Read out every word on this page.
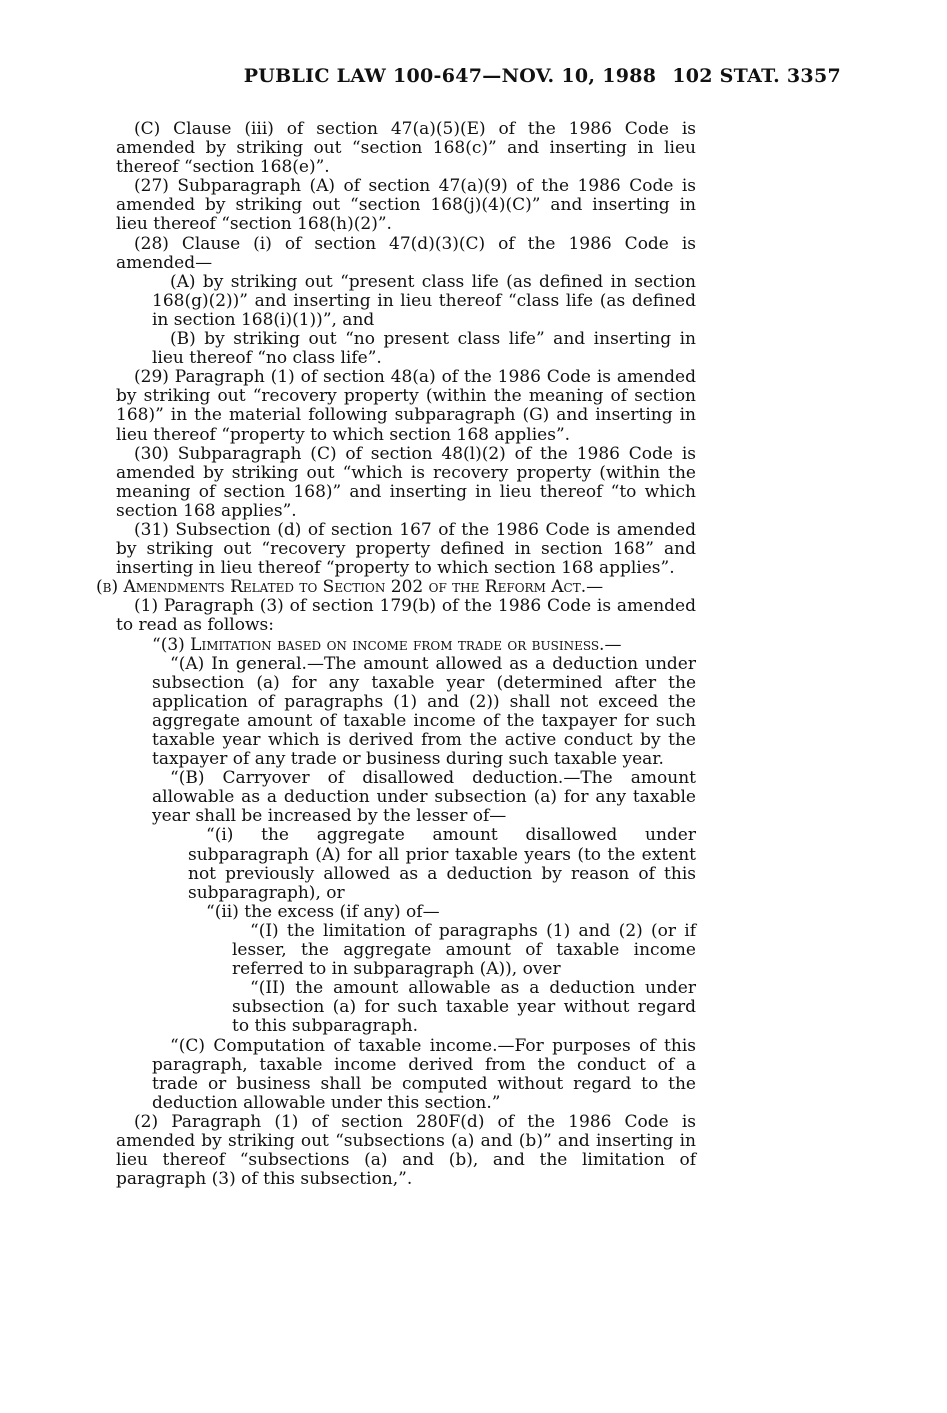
PUBLIC LAW 100-647—NOV. 10, 1988 102 STAT. 3357

(C) Clause (iii) of section 47(a)(5)(E) of the 1986 Code is amended by striking out “section 168(c)” and inserting in lieu thereof “section 168(e)”.

(27) Subparagraph (A) of section 47(a)(9) of the 1986 Code is amended by striking out “section 168(j)(4)(C)” and inserting in lieu thereof “section 168(h)(2)”.

(28) Clause (i) of section 47(d)(3)(C) of the 1986 Code is amended—

(A) by striking out “present class life (as defined in section 168(g)(2))” and inserting in lieu thereof “class life (as defined in section 168(i)(1))”, and

(B) by striking out “no present class life” and inserting in lieu thereof “no class life”.

(29) Paragraph (1) of section 48(a) of the 1986 Code is amended by striking out “recovery property (within the meaning of section 168)” in the material following subparagraph (G) and inserting in lieu thereof “property to which section 168 applies”.

(30) Subparagraph (C) of section 48(l)(2) of the 1986 Code is amended by striking out “which is recovery property (within the meaning of section 168)” and inserting in lieu thereof “to which section 168 applies”.

(31) Subsection (d) of section 167 of the 1986 Code is amended by striking out “recovery property defined in section 168” and inserting in lieu thereof “property to which section 168 applies”.

(b) Amendments Related to Section 202 of the Reform Act.—

(1) Paragraph (3) of section 179(b) of the 1986 Code is amended to read as follows:

“(3) Limitation based on income from trade or business.—

“(A) In general.—The amount allowed as a deduction under subsection (a) for any taxable year (determined after the application of paragraphs (1) and (2)) shall not exceed the aggregate amount of taxable income of the taxpayer for such taxable year which is derived from the active conduct by the taxpayer of any trade or business during such taxable year.

“(B) Carryover of disallowed deduction.—The amount allowable as a deduction under subsection (a) for any taxable year shall be increased by the lesser of—

“(i) the aggregate amount disallowed under subparagraph (A) for all prior taxable years (to the extent not previously allowed as a deduction by reason of this subparagraph), or

“(ii) the excess (if any) of—

“(I) the limitation of paragraphs (1) and (2) (or if lesser, the aggregate amount of taxable income referred to in subparagraph (A)), over

“(II) the amount allowable as a deduction under subsection (a) for such taxable year without regard to this subparagraph.

“(C) Computation of taxable income.—For purposes of this paragraph, taxable income derived from the conduct of a trade or business shall be computed without regard to the deduction allowable under this section.”

(2) Paragraph (1) of section 280F(d) of the 1986 Code is amended by striking out “subsections (a) and (b)” and inserting in lieu thereof “subsections (a) and (b), and the limitation of paragraph (3) of this subsection,”.
